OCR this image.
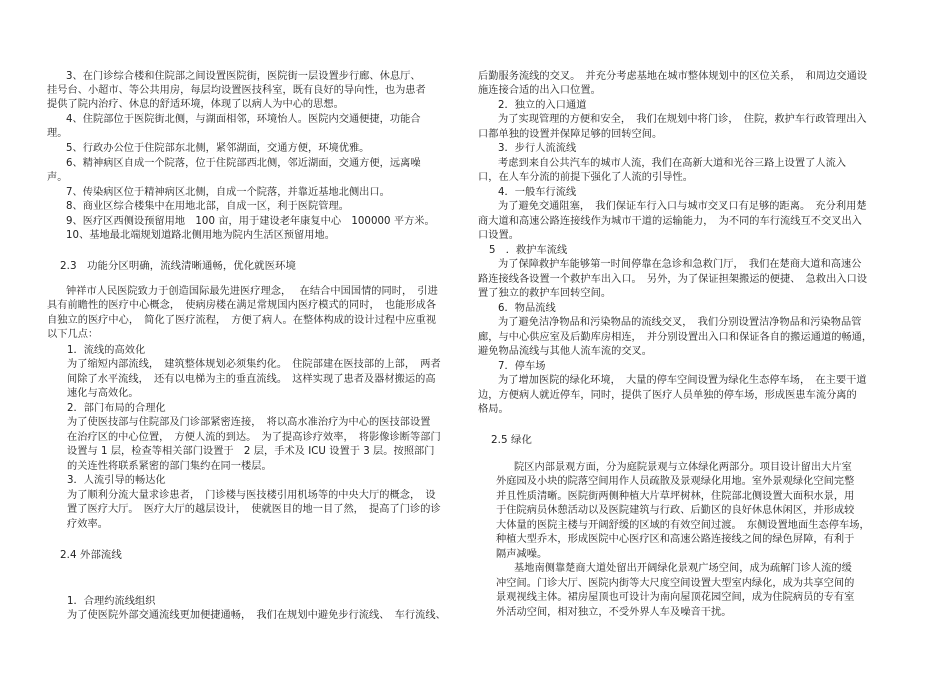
3、在门诊综合楼和住院部之间设置医院街，医院街一层设置步行廊、休息厅、
挂号台、小超市、等公共用房，每层均设置医技科室，既有良好的导向性，也为患者
提供了院内治疗、休息的舒适环境，体现了以病人为中心的思想。
4、住院部位于医院街北侧，与湖面相邻，环境怡人。医院内交通便捷，功能合
理。
5、行政办公位于住院部东北侧，紧邻湖面，交通方便，环境优雅。
6、精神病区自成一个院落，位于住院部西北侧，邻近湖面，交通方便，远离噪
声。
7、传染病区位于精神病区北侧，自成一个院落，并靠近基地北侧出口。
8、商业区综合楼集中在用地北部，自成一区，利于医院管理。
9、医疗区西侧设预留用地　100 亩，用于建设老年康复中心　100000 平方米。
10、基地最北端规划道路北侧用地为院内生活区预留用地。
2.3　功能分区明确，流线清晰通畅，优化就医环境
钟祥市人民医院致力于创造国际最先进医疗理念，　 在结合中国国情的同时，　引进
具有前瞻性的医疗中心概念，　使病房楼在满足常规国内医疗模式的同时，　也能形成各
自独立的医疗中心，　简化了医疗流程，　方便了病人。在整体构成的设计过程中应重视
以下几点：
1．流线的高效化
为了缩短内部流线，　建筑整体规划必须集约化。　住院部建在医技部的上部，　两者
间除了水平流线，　还有以电梯为主的垂直流线。　这样实现了患者及器材搬运的高
速化与高效化。
2．部门布局的合理化
为了使医技部与住院部及门诊部紧密连接，　将以高水准治疗为中心的医技部设置
在治疗区的中心位置，　方便人流的到达。　为了提高诊疗效率，　将影像诊断等部门
设置与 1 层，检查等相关部门设置于　2 层，手术及 ICU 设置于 3 层。按照部门
的关连性将联系紧密的部门集约在同一楼层。
3．人流引导的畅达化
为了顺利分流大量求诊患者，　门诊楼与医技楼引用机场等的中央大厅的概念，　设
置了医疗大厅。　医疗大厅的越层设计，　使就医目的地一目了然，　提高了门诊的诊
疗效率。
2.4 外部流线
1．合理约流线组织
为了使医院外部交通流线更加便捷通畅，　我们在规划中避免步行流线、　车行流线、
后勤服务流线的交叉。　并充分考虑基地在城市整体规划中的区位关系，　和周边交通设
施连接合适的出入口位置。
2．独立的入口通道
为了实现管理的方便和安全，　我们在规划中将门诊，　住院，救护车行政管理出入
口都单独的设置并保障足够的回转空间。
3．步行人流流线
考虑到来自公共汽车的城市人流，我们在高新大道和光谷三路上设置了人流入
口，在人车分流的前提下强化了人流的引导性。
4．一般车行流线
为了避免交通阻塞，　我们保证车行入口与城市交叉口有足够的距离。　充分利用楚
商大道和高速公路连接线作为城市干道的运输能力，　为不同的车行流线互不交叉出入
口设置。
5　．救护车流线
为了保障救护车能够第一时间停靠在急诊和急救门厅，　我们在楚商大道和高速公
路连接线各设置一个救护车出入口。　另外，为了保证担架搬运的便捷、　急救出入口设
置了独立的救护车回转空间。
6．物品流线
为了避免洁净物品和污染物品的流线交叉，　我们分别设置洁净物品和污染物品管
廊，与中心供应室及后勤库房相连，　并分别设置出入口和保证各自的搬运通道的畅通，
避免物品流线与其他人流车流的交叉。
7．停车场
为了增加医院的绿化环境，　大量的停车空间设置为绿化生态停车场，　在主要干道
边，方便病人就近停车，同时，提供了医疗人员单独的停车场，形成医患车流分离的
格局。
2.5 绿化
院区内部景观方面，分为庭院景观与立体绿化两部分。项目设计留出大片室
外庭园及小块的院落空间用作人员疏散及景观绿化用地。室外景观绿化空间完整
并且性质清晰。医院街两侧种植大片草坪树林，住院部北侧设置大面积水景，用
于住院病员休憩活动以及医院建筑与行政、后勤区的良好休息休闲区，并形成较
大体量的医院主楼与开阔舒缓的区域的有效空间过渡。　东侧设置地面生态停车场，
种植大型乔木，形成医院中心医疗区和高速公路连接线之间的绿色屏障，有利于
隔声减噪。
基地南侧靠楚商大道处留出开阔绿化景观广场空间，成为疏解门诊人流的缓
冲空间。门诊大厅、医院内街等大尺度空间设置大型室内绿化，成为共享空间的
景观视线主体。裙房屋顶也可设计为南向屋顶花园空间，成为住院病员的专有室
外活动空间，相对独立，不受外界人车及噪音干扰。
